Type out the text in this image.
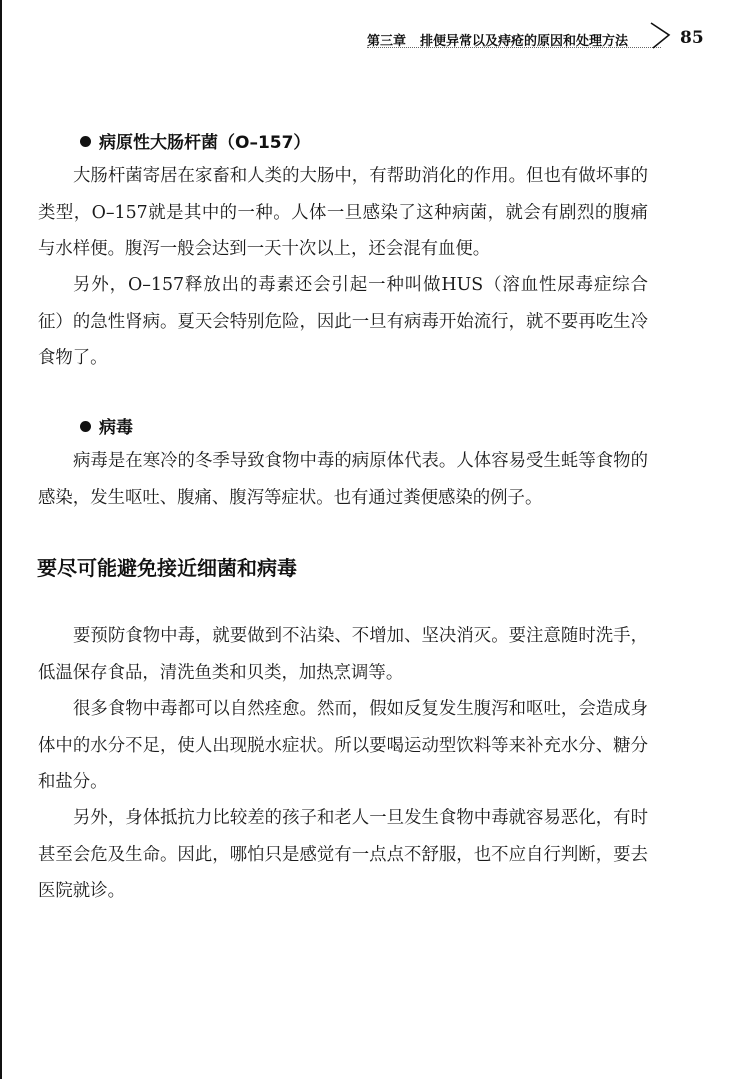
第三章 排便异常以及痔疮的原因和处理方法	85
病原性大肠杆菌（O–157）

大肠杆菌寄居在家畜和人类的大肠中，有帮助消化的作用。但也有做坏事的类型，O–157就是其中的一种。人体一旦感染了这种病菌，就会有剧烈的腹痛与水样便。腹泻一般会达到一天十次以上，还会混有血便。

另外，O–157释放出的毒素还会引起一种叫做HUS（溶血性尿毒症综合征）的急性肾病。夏天会特别危险，因此一旦有病毒开始流行，就不要再吃生冷食物了。

病毒

病毒是在寒冷的冬季导致食物中毒的病原体代表。人体容易受生蚝等食物的感染，发生呕吐、腹痛、腹泻等症状。也有通过粪便感染的例子。

要尽可能避免接近细菌和病毒

要预防食物中毒，就要做到不沾染、不增加、坚决消灭。要注意随时洗手，低温保存食品，清洗鱼类和贝类，加热烹调等。

很多食物中毒都可以自然痊愈。然而，假如反复发生腹泻和呕吐，会造成身体中的水分不足，使人出现脱水症状。所以要喝运动型饮料等来补充水分、糖分和盐分。

另外，身体抵抗力比较差的孩子和老人一旦发生食物中毒就容易恶化，有时甚至会危及生命。因此，哪怕只是感觉有一点点不舒服，也不应自行判断，要去医院就诊。
